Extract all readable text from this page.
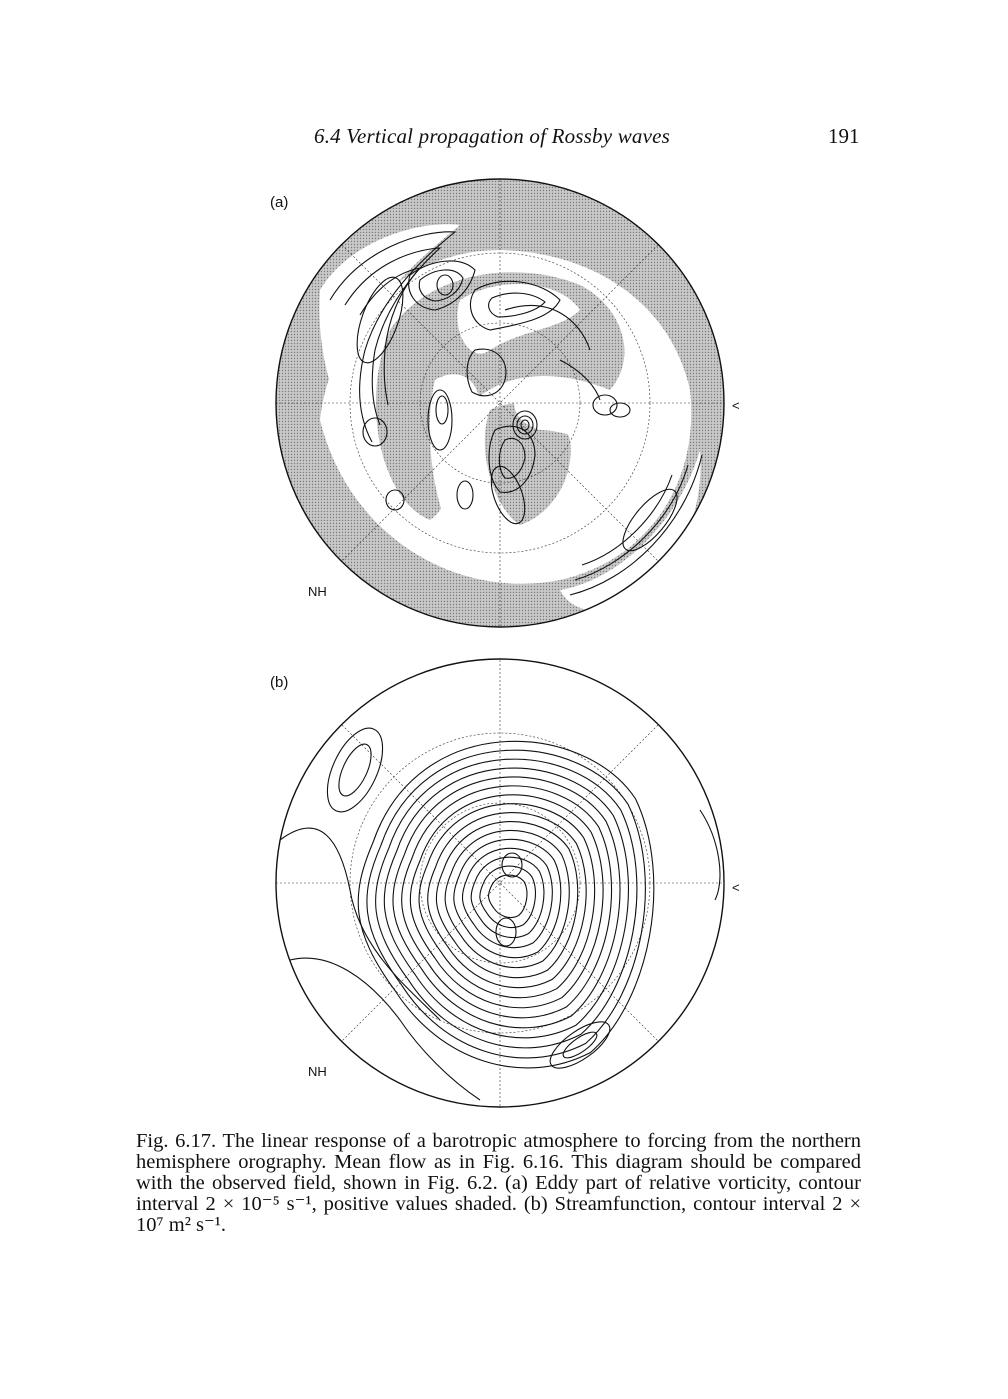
6.4 Vertical propagation of Rossby waves	191
(a)
NH
<
(b)
NH
<

Fig. 6.17. The linear response of a barotropic atmosphere to forcing from the northern hemisphere orography. Mean flow as in Fig. 6.16. This diagram should be compared with the observed field, shown in Fig. 6.2. (a) Eddy part of relative vorticity, contour interval 2 × 10⁻⁵ s⁻¹, positive values shaded. (b) Streamfunction, contour interval 2 × 10⁷ m² s⁻¹.
